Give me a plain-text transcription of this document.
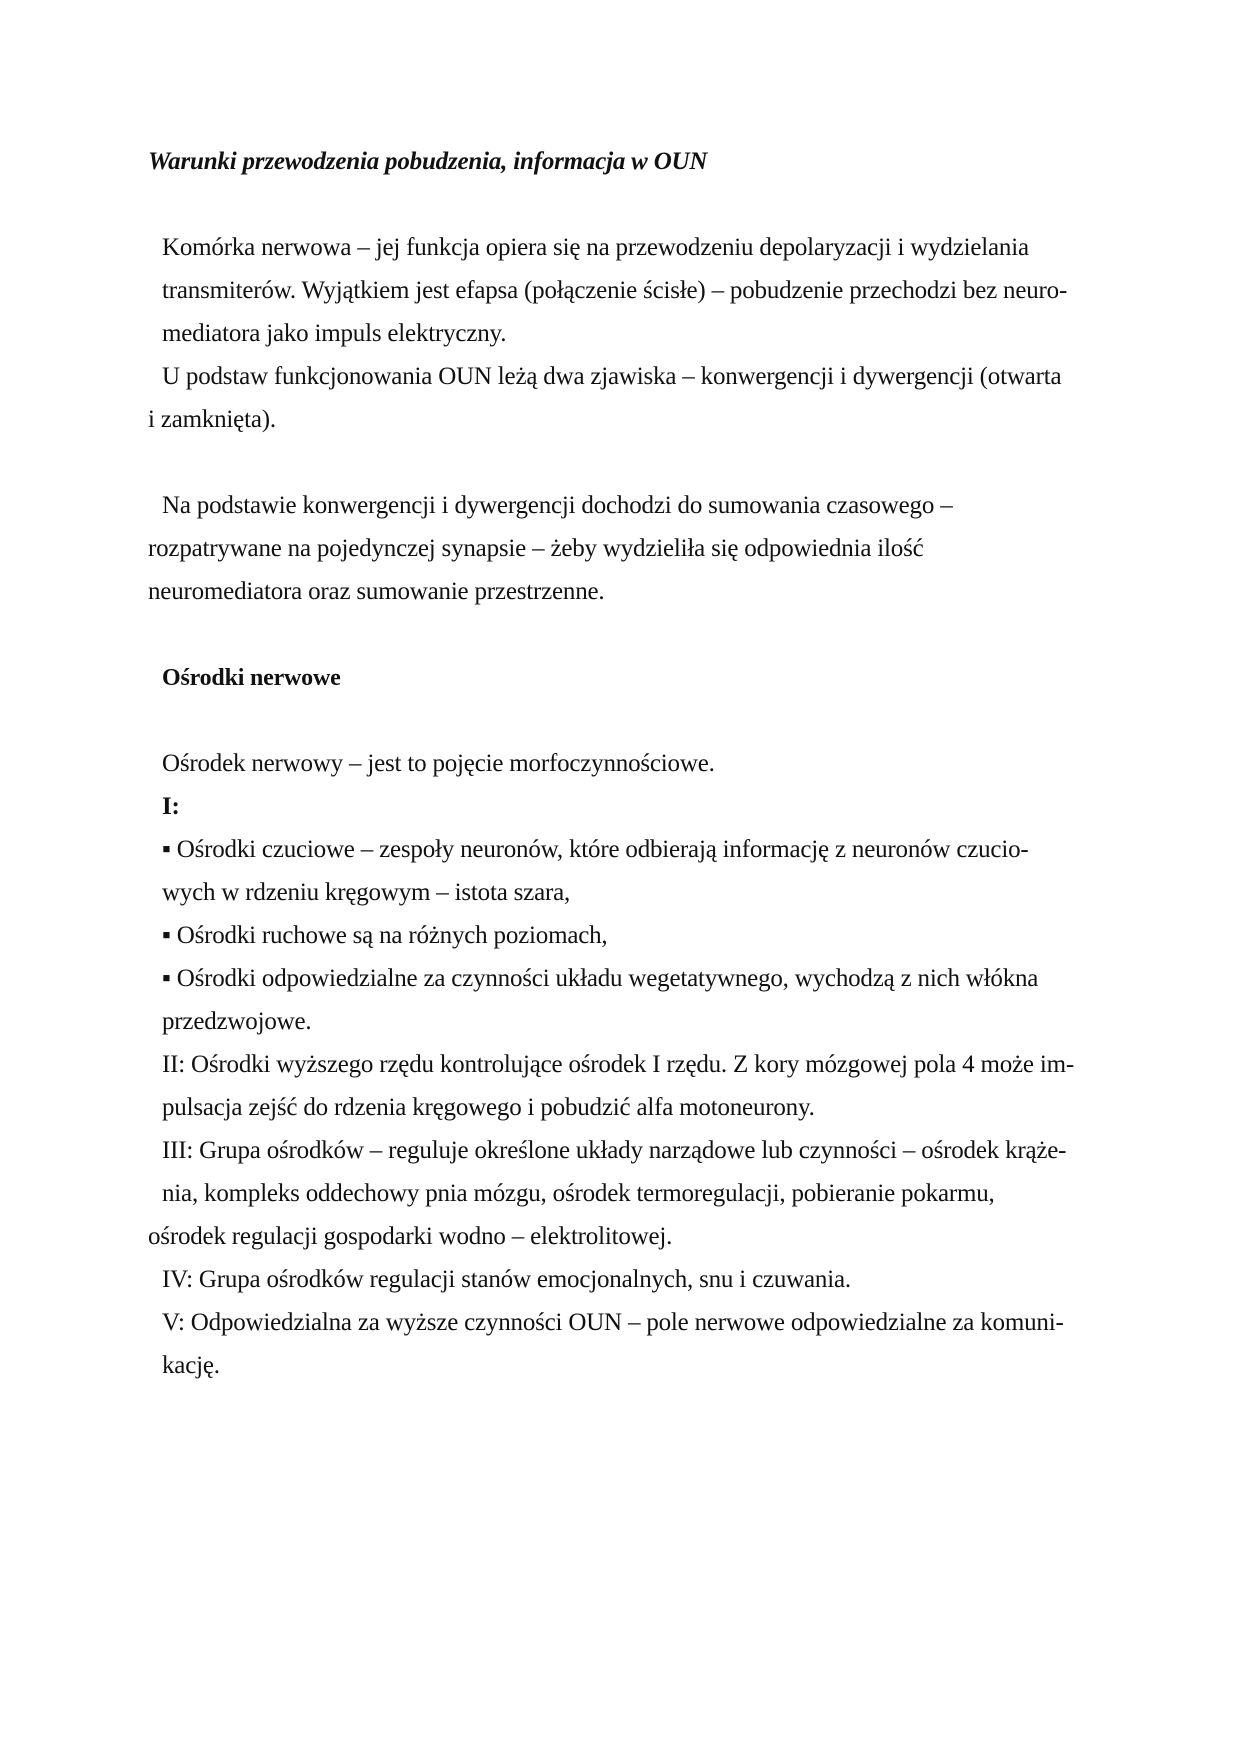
Warunki przewodzenia pobudzenia, informacja w OUN
Komórka nerwowa – jej funkcja opiera się na przewodzeniu depolaryzacji i wydzielania
transmiterów. Wyjątkiem jest efapsa (połączenie ścisłe) – pobudzenie przechodzi bez neuro-
mediatora jako impuls elektryczny.
U podstaw funkcjonowania OUN leżą dwa zjawiska – konwergencji i dywergencji (otwarta
i zamknięta).
Na podstawie konwergencji i dywergencji dochodzi do sumowania czasowego –
rozpatrywane na pojedynczej synapsie – żeby wydzieliła się odpowiednia ilość
neuromediatora oraz sumowanie przestrzenne.
Ośrodki nerwowe
Ośrodek nerwowy – jest to pojęcie morfoczynnościowe.
I:
▪ Ośrodki czuciowe – zespoły neuronów, które odbierają informację z neuronów czucio-
wych w rdzeniu kręgowym – istota szara,
▪ Ośrodki ruchowe są na różnych poziomach,
▪ Ośrodki odpowiedzialne za czynności układu wegetatywnego, wychodzą z nich włókna
przedzwojowe.
II: Ośrodki wyższego rzędu kontrolujące ośrodek I rzędu. Z kory mózgowej pola 4 może im-
pulsacja zejść do rdzenia kręgowego i pobudzić alfa motoneurony.
III: Grupa ośrodków – reguluje określone układy narządowe lub czynności – ośrodek krąże-
nia, kompleks oddechowy pnia mózgu, ośrodek termoregulacji, pobieranie pokarmu,
ośrodek regulacji gospodarki wodno – elektrolitowej.
IV: Grupa ośrodków regulacji stanów emocjonalnych, snu i czuwania.
V: Odpowiedzialna za wyższe czynności OUN – pole nerwowe odpowiedzialne za komuni-
kację.
